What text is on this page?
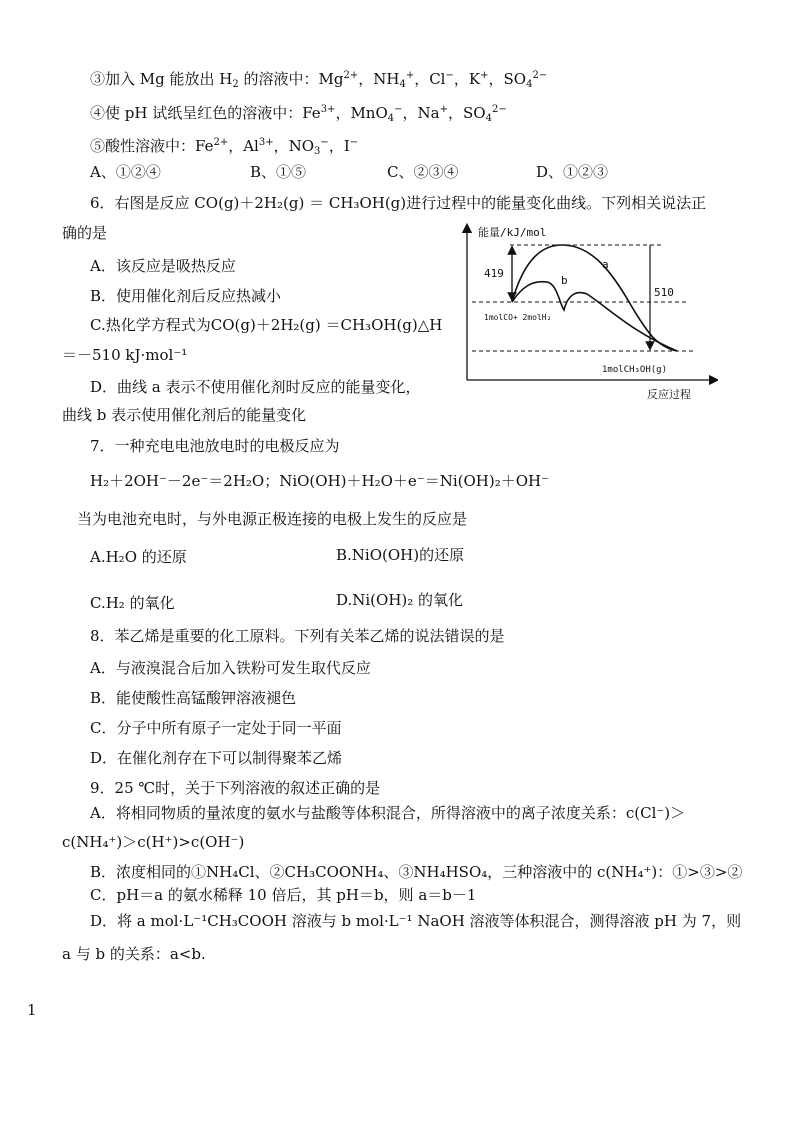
③加入 Mg 能放出 $H_2$ 的溶液中：$Mg^{2+}$，$NH_4^+$，Cl−，K+，$SO_4^{2-}$
④使 pH 试纸呈红色的溶液中：$Fe^{3+}$，MnO$_4$−，Na+，$SO_4^{2-}$
⑤酸性溶液中：$Fe^{2+}$，$Al^{3+}$，$NO_3^-$，I−
A、①②④	B、①⑤	C、②③④	D、①②③
6．右图是反应 CO(g)＋2H₂(g) ＝ CH₃OH(g)进行过程中的能量变化曲线。下列相关说法正
确的是
A．该反应是吸热反应
B．使用催化剂后反应热减小
C.热化学方程式为CO(g)＋2H₂(g) ＝CH₃OH(g)△H
＝－510 kJ·mol⁻¹
D．曲线 a 表示不使用催化剂时反应的能量变化，
曲线 b 表示使用催化剂后的能量变化
能量/kJ/mol
419
510
a
b
1molCO+ 2molH₂
1molCH₃OH(g)
反应过程
7．一种充电电池放电时的电极反应为
H₂＋2OH⁻－2e⁻＝2H₂O；NiO(OH)＋H₂O＋e⁻＝Ni(OH)₂＋OH⁻
当为电池充电时，与外电源正极连接的电极上发生的反应是
A.H₂O 的还原	B.NiO(OH)的还原
C.H₂ 的氧化	D.Ni(OH)₂ 的氧化
8．苯乙烯是重要的化工原料。下列有关苯乙烯的说法错误的是
A．与液溴混合后加入铁粉可发生取代反应
B．能使酸性高锰酸钾溶液褪色
C．分子中所有原子一定处于同一平面
D．在催化剂存在下可以制得聚苯乙烯
9．25 ℃时，关于下列溶液的叙述正确的是
A．将相同物质的量浓度的氨水与盐酸等体积混合，所得溶液中的离子浓度关系：c(Cl⁻)＞
c(NH₄⁺)＞c(H⁺)>c(OH⁻)
B．浓度相同的①NH₄Cl、②CH₃COONH₄、③NH₄HSO₄，三种溶液中的 c(NH₄⁺)：①>③>②
C．pH＝a 的氨水稀释 10 倍后，其 pH＝b，则 a＝b－1
D．将 a mol·L⁻¹CH₃COOH 溶液与 b mol·L⁻¹ NaOH 溶液等体积混合，测得溶液 pH 为 7，则
a 与 b 的关系：a<b.
1
